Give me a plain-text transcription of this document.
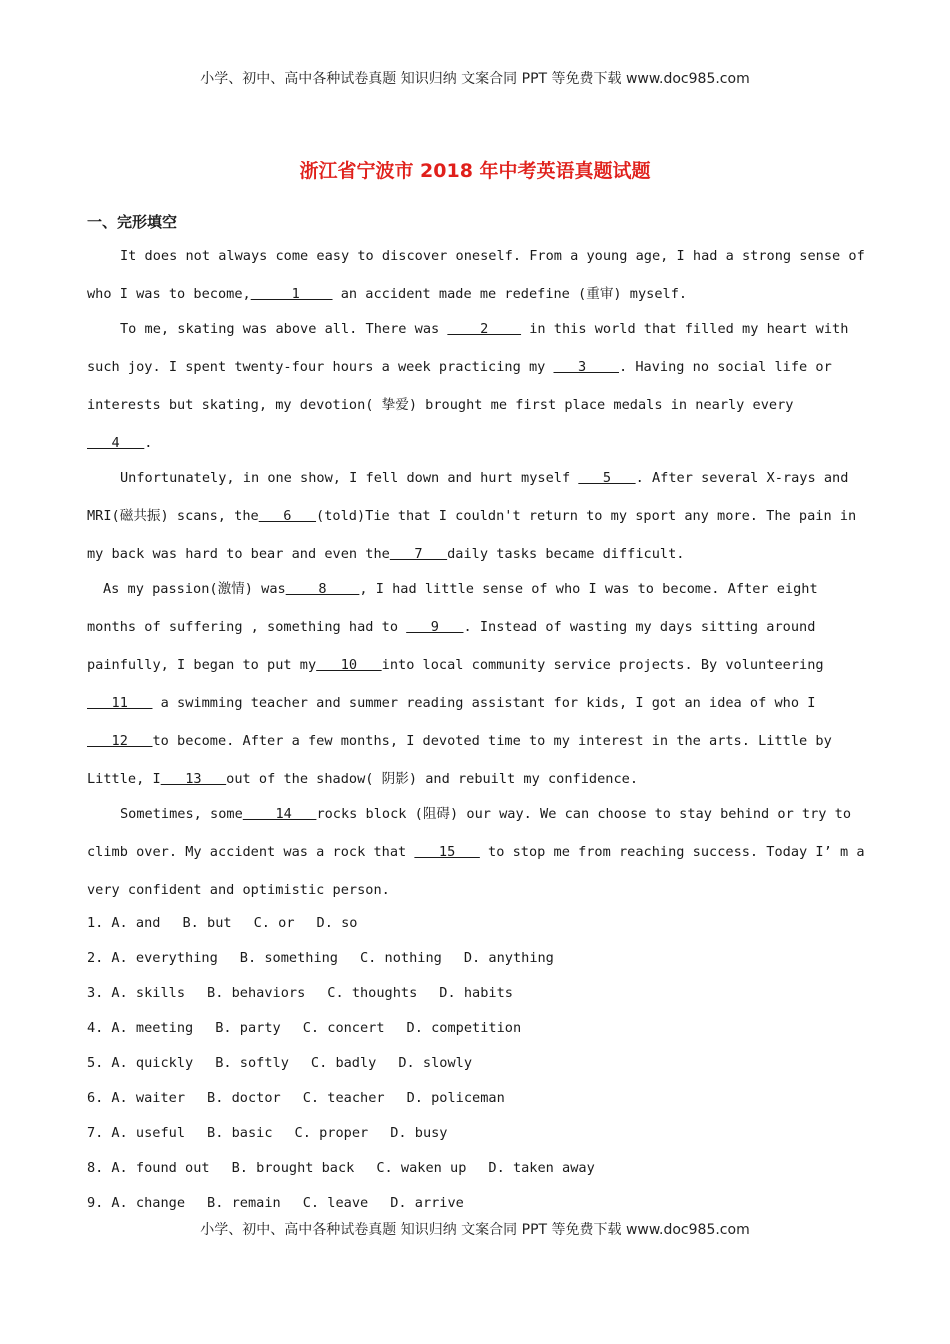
小学、初中、高中各种试卷真题 知识归纳 文案合同 PPT 等免费下载 www.doc985.com
浙江省宁波市 2018 年中考英语真题试题
一、完形填空

It does not always come easy to discover oneself. From a young age, I had a strong sense of who I was to become,     1     an accident made me redefine (重审) myself.

To me, skating was above all. There was     2     in this world that filled my heart with such joy. I spent twenty-four hours a week practicing my    3    . Having no social life or interests but skating, my devotion( 挚爱) brought me first place medals in nearly every    4   .

Unfortunately, in one show, I fell down and hurt myself    5   . After several X-rays and MRI(磁共振) scans, the   6   (told)Tie that I couldn't return to my sport any more. The pain in my back was hard to bear and even the   7   daily tasks became difficult.

As my passion(激情) was    8    , I had little sense of who I was to become. After eight months of suffering , something had to    9   . Instead of wasting my days sitting around painfully, I began to put my   10   into local community service projects. By volunteering    11    a swimming teacher and summer reading assistant for kids, I got an idea of who I   12   to become. After a few months, I devoted time to my interest in the arts. Little by Little, I   13   out of the shadow( 阴影) and rebuilt my confidence.

Sometimes, some    14   rocks block (阻碍) our way. We can choose to stay behind or try to climb over. My accident was a rock that    15    to stop me from reaching success. Today I’ m a very confident and optimistic person.

1. A. and B. but C. or D. so
2. A. everything B. something C. nothing D. anything
3. A. skills B. behaviors C. thoughts D. habits
4. A. meeting B. party C. concert D. competition
5. A. quickly B. softly C. badly D. slowly
6. A. waiter B. doctor C. teacher D. policeman
7. A. useful B. basic C. proper D. busy
8. A. found out B. brought back C. waken up D. taken away
9. A. change B. remain C. leave D. arrive
小学、初中、高中各种试卷真题 知识归纳 文案合同 PPT 等免费下载 www.doc985.com
